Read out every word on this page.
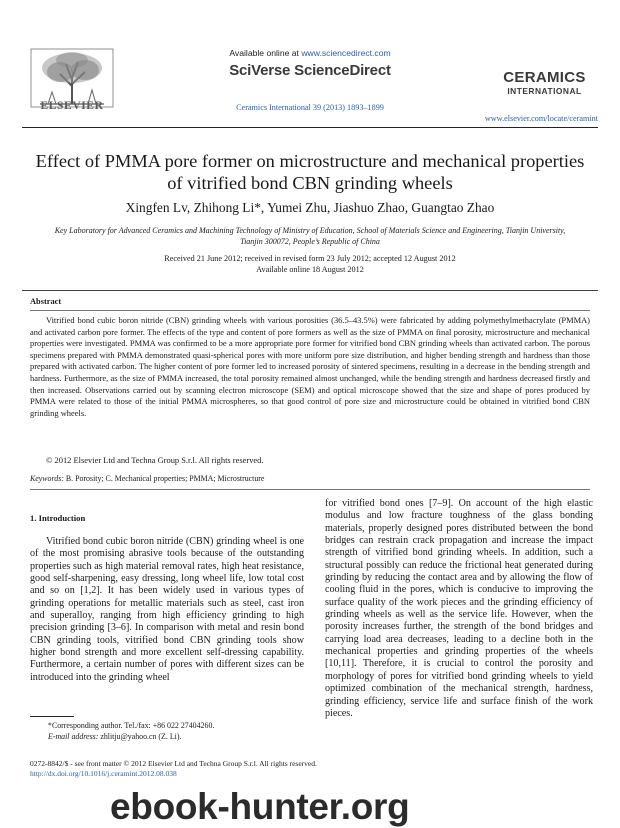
ELSEVIER
Available online at www.sciencedirect.com
SciVerse ScienceDirect
Ceramics International 39 (2013) 1893–1899
CERAMICS
INTERNATIONAL
www.elsevier.com/locate/ceramint
Effect of PMMA pore former on microstructure and mechanical properties of vitrified bond CBN grinding wheels
Xingfen Lv, Zhihong Li*, Yumei Zhu, Jiashuo Zhao, Guangtao Zhao
Key Laboratory for Advanced Ceramics and Machining Technology of Ministry of Education, School of Materials Science and Engineering, Tianjin University, Tianjin 300072, People’s Republic of China
Received 21 June 2012; received in revised form 23 July 2012; accepted 12 August 2012
Available online 18 August 2012
Abstract

Vitrified bond cubic boron nitride (CBN) grinding wheels with various porosities (36.5–43.5%) were fabricated by adding polymethylmethacrylate (PMMA) and activated carbon pore former. The effects of the type and content of pore formers as well as the size of PMMA on final porosity, microstructure and mechanical properties were investigated. PMMA was confirmed to be a more appropriate pore former for vitrified bond CBN grinding wheels than activated carbon. The porous specimens prepared with PMMA demonstrated quasi-spherical pores with more uniform pore size distribution, and higher bending strength and hardness than those prepared with activated carbon. The higher content of pore former led to increased porosity of sintered specimens, resulting in a decrease in the bending strength and hardness. Furthermore, as the size of PMMA increased, the total porosity remained almost unchanged, while the bending strength and hardness decreased firstly and then increased. Observations carried out by scanning electron microscope (SEM) and optical microscope showed that the size and shape of pores produced by PMMA were related to those of the initial PMMA microspheres, so that good control of pore size and microstructure could be obtained in vitrified bond CBN grinding wheels.

© 2012 Elsevier Ltd and Techna Group S.r.l. All rights reserved.
Keywords: B. Porosity; C. Mechanical properties; PMMA; Microstructure
1. Introduction

Vitrified bond cubic boron nitride (CBN) grinding wheel is one of the most promising abrasive tools because of the outstanding properties such as high material removal rates, high heat resistance, good self-sharpening, easy dressing, long wheel life, low total cost and so on [1,2]. It has been widely used in various types of grinding operations for metallic materials such as steel, cast iron and superalloy, ranging from high efficiency grinding to high precision grinding [3–6]. In comparison with metal and resin bond CBN grinding tools, vitrified bond CBN grinding tools show higher bond strength and more excellent self-dressing capability. Furthermore, a certain number of pores with different sizes can be introduced into the grinding wheel

for vitrified bond ones [7–9]. On account of the high elastic modulus and low fracture toughness of the glass bonding materials, properly designed pores distributed between the bond bridges can restrain crack propagation and increase the impact strength of vitrified bond grinding wheels. In addition, such a structural possibly can reduce the frictional heat generated during grinding by reducing the contact area and by allowing the flow of cooling fluid in the pores, which is conducive to improving the surface quality of the work pieces and the grinding efficiency of grinding wheels as well as the service life. However, when the porosity increases further, the strength of the bond bridges and carrying load area decreases, leading to a decline both in the mechanical properties and grinding properties of the wheels [10,11]. Therefore, it is crucial to control the porosity and morphology of pores for vitrified bond grinding wheels to yield optimized combination of the mechanical strength, hardness, grinding efficiency, service life and surface finish of the work pieces.

*Corresponding author. Tel./fax: +86 022 27404260.
E-mail address: zhlitju@yahoo.cn (Z. Li).
0272-8842/$ - see front matter © 2012 Elsevier Ltd and Techna Group S.r.l. All rights reserved.
http://dx.doi.org/10.1016/j.ceramint.2012.08.038
ebook-hunter.org
